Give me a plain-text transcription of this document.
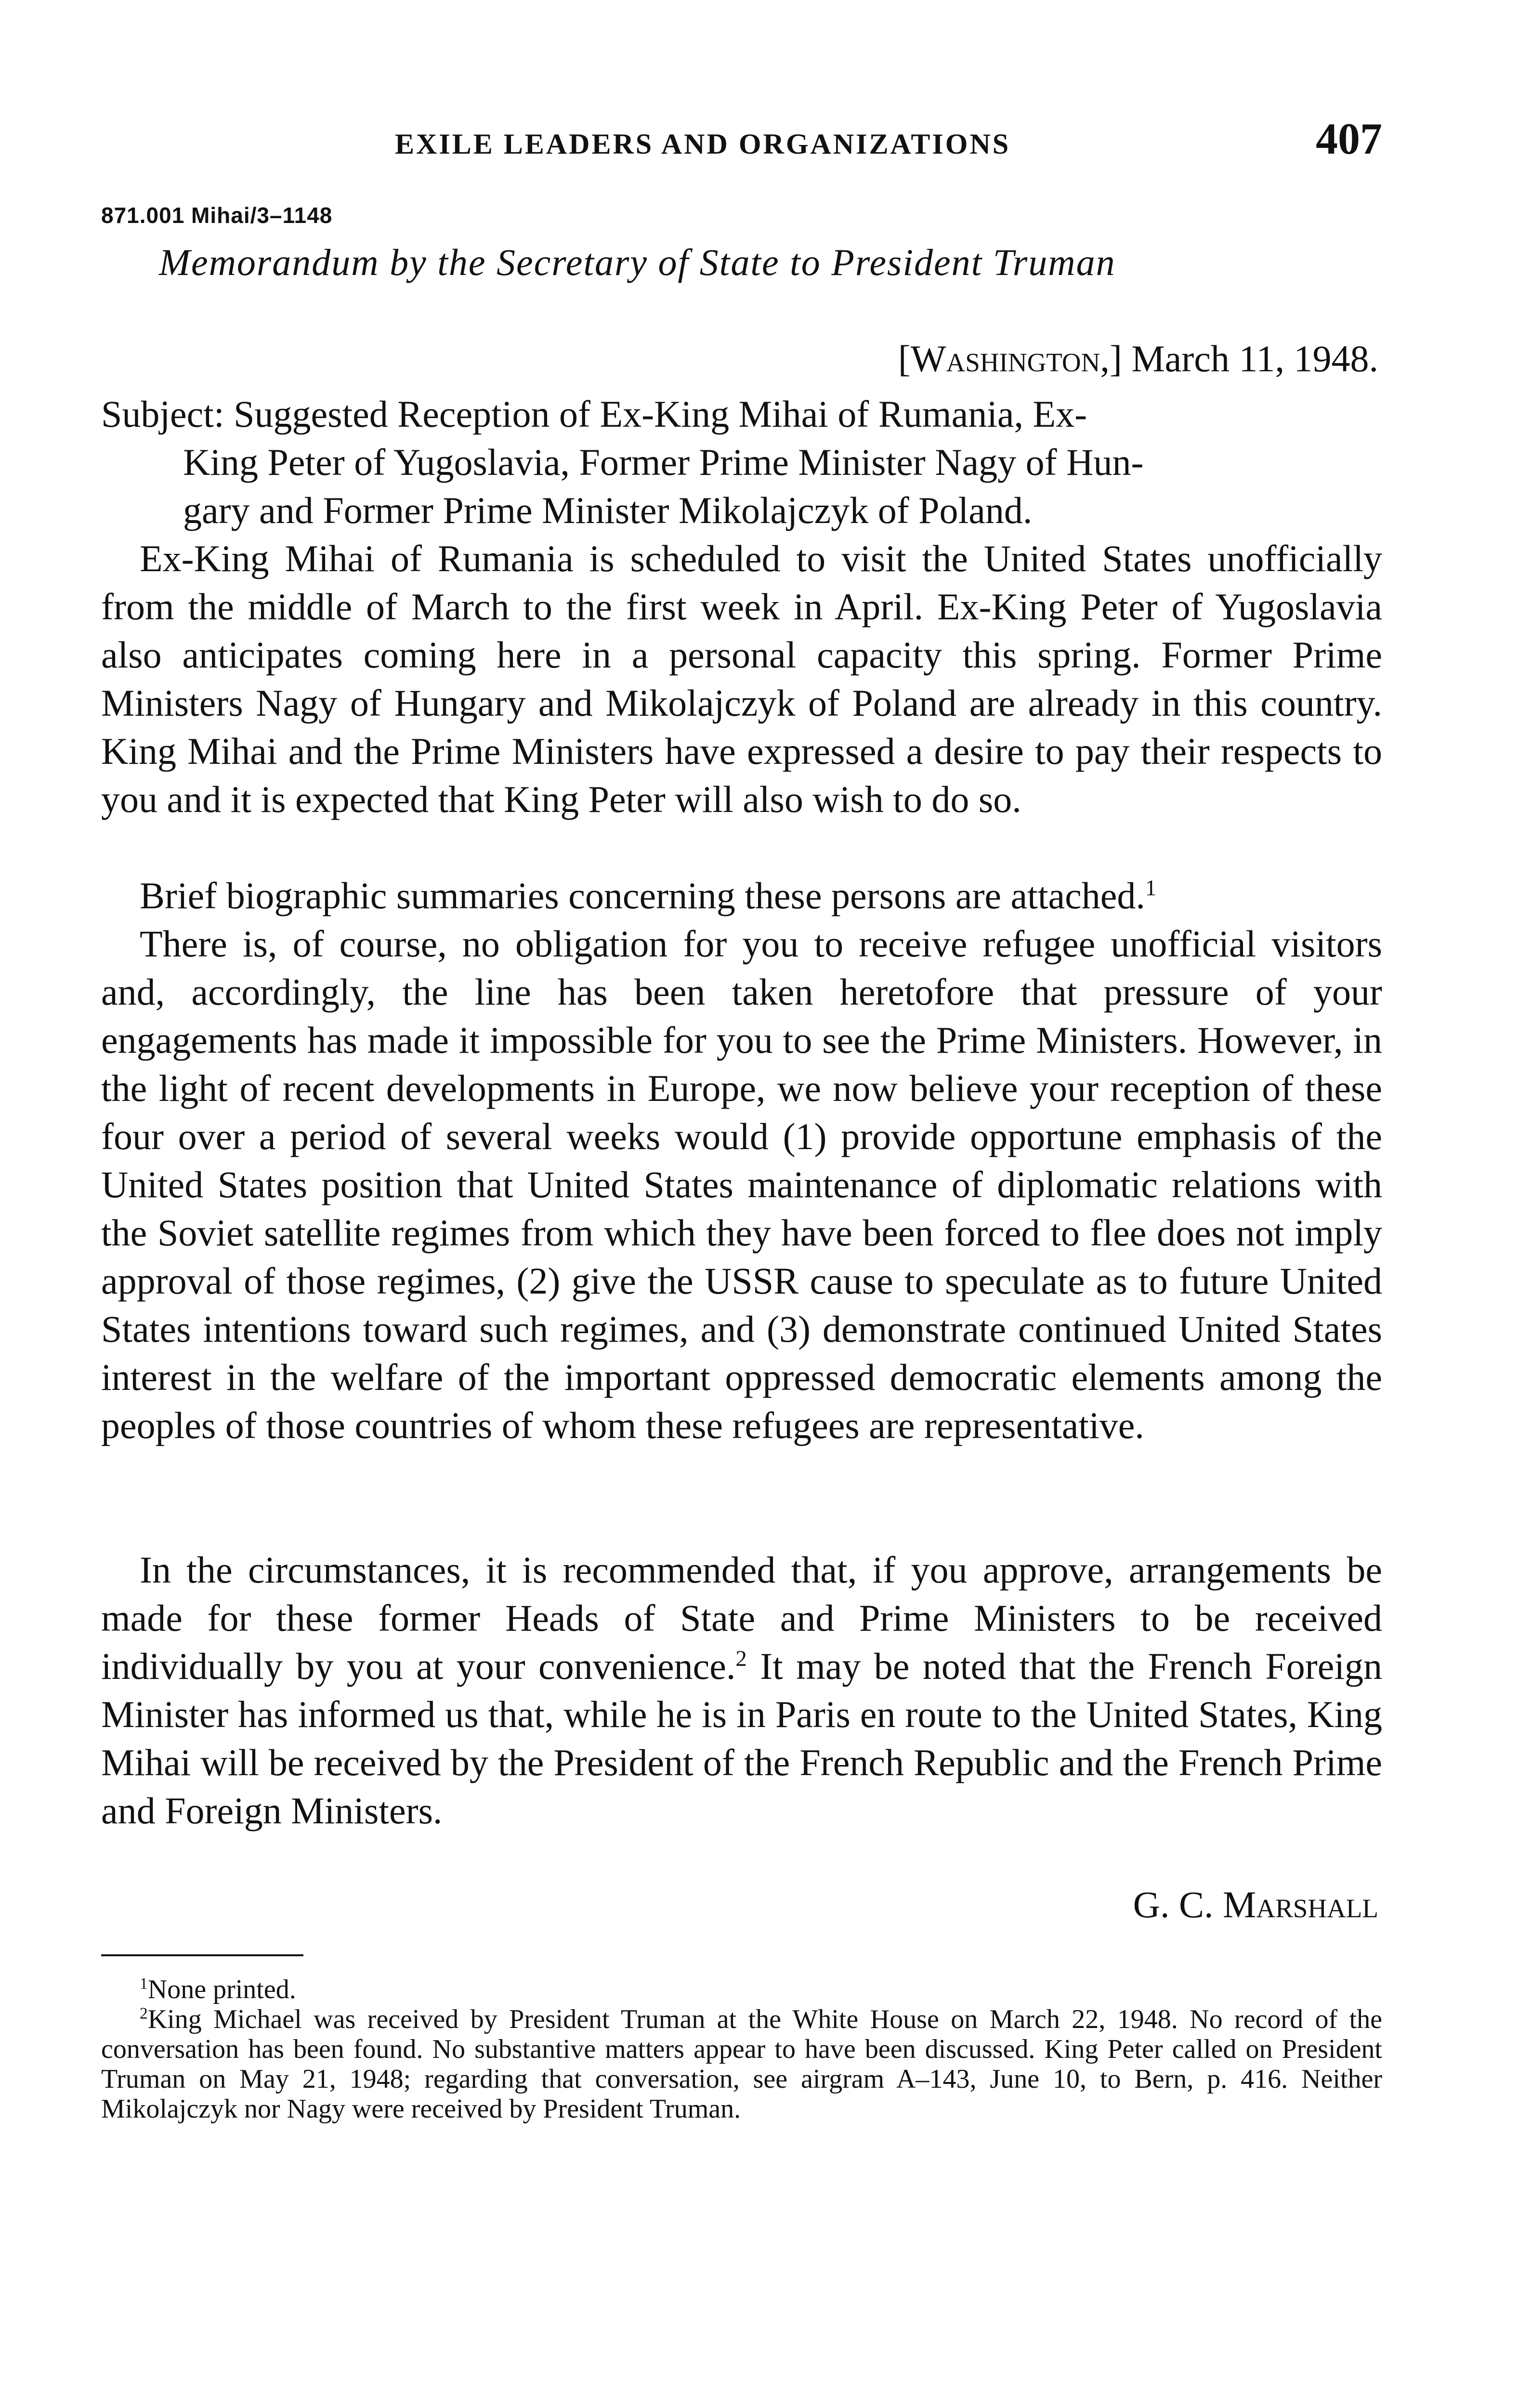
EXILE LEADERS AND ORGANIZATIONS	407
871.001 Mihai/3–1148
Memorandum by the Secretary of State to President Truman
[Washington,] March 11, 1948.
Subject: Suggested Reception of Ex-King Mihai of Rumania, Ex-
King Peter of Yugoslavia, Former Prime Minister Nagy of Hun-
gary and Former Prime Minister Mikolajczyk of Poland.
Ex-King Mihai of Rumania is scheduled to visit the United States unofficially from the middle of March to the first week in April. Ex-King Peter of Yugoslavia also anticipates coming here in a personal capacity this spring. Former Prime Ministers Nagy of Hungary and Mikolajczyk of Poland are already in this country. King Mihai and the Prime Ministers have expressed a desire to pay their respects to you and it is expected that King Peter will also wish to do so.
Brief biographic summaries concerning these persons are attached.$^1$
There is, of course, no obligation for you to receive refugee unofficial visitors and, accordingly, the line has been taken heretofore that pressure of your engagements has made it impossible for you to see the Prime Ministers. However, in the light of recent developments in Europe, we now believe your reception of these four over a period of several weeks would (1) provide opportune emphasis of the United States position that United States maintenance of diplomatic relations with the Soviet satellite regimes from which they have been forced to flee does not imply approval of those regimes, (2) give the USSR cause to speculate as to future United States intentions toward such regimes, and (3) demonstrate continued United States interest in the welfare of the important oppressed democratic elements among the peoples of those countries of whom these refugees are representative.
In the circumstances, it is recommended that, if you approve, arrangements be made for these former Heads of State and Prime Ministers to be received individually by you at your convenience.$^2$ It may be noted that the French Foreign Minister has informed us that, while he is in Paris en route to the United States, King Mihai will be received by the President of the French Republic and the French Prime and Foreign Ministers.
G. C. Marshall
$^1$None printed.
$^2$King Michael was received by President Truman at the White House on March 22, 1948. No record of the conversation has been found. No substantive matters appear to have been discussed. King Peter called on President Truman on May 21, 1948; regarding that conversation, see airgram A–143, June 10, to Bern, p. 416. Neither Mikolajczyk nor Nagy were received by President Truman.
